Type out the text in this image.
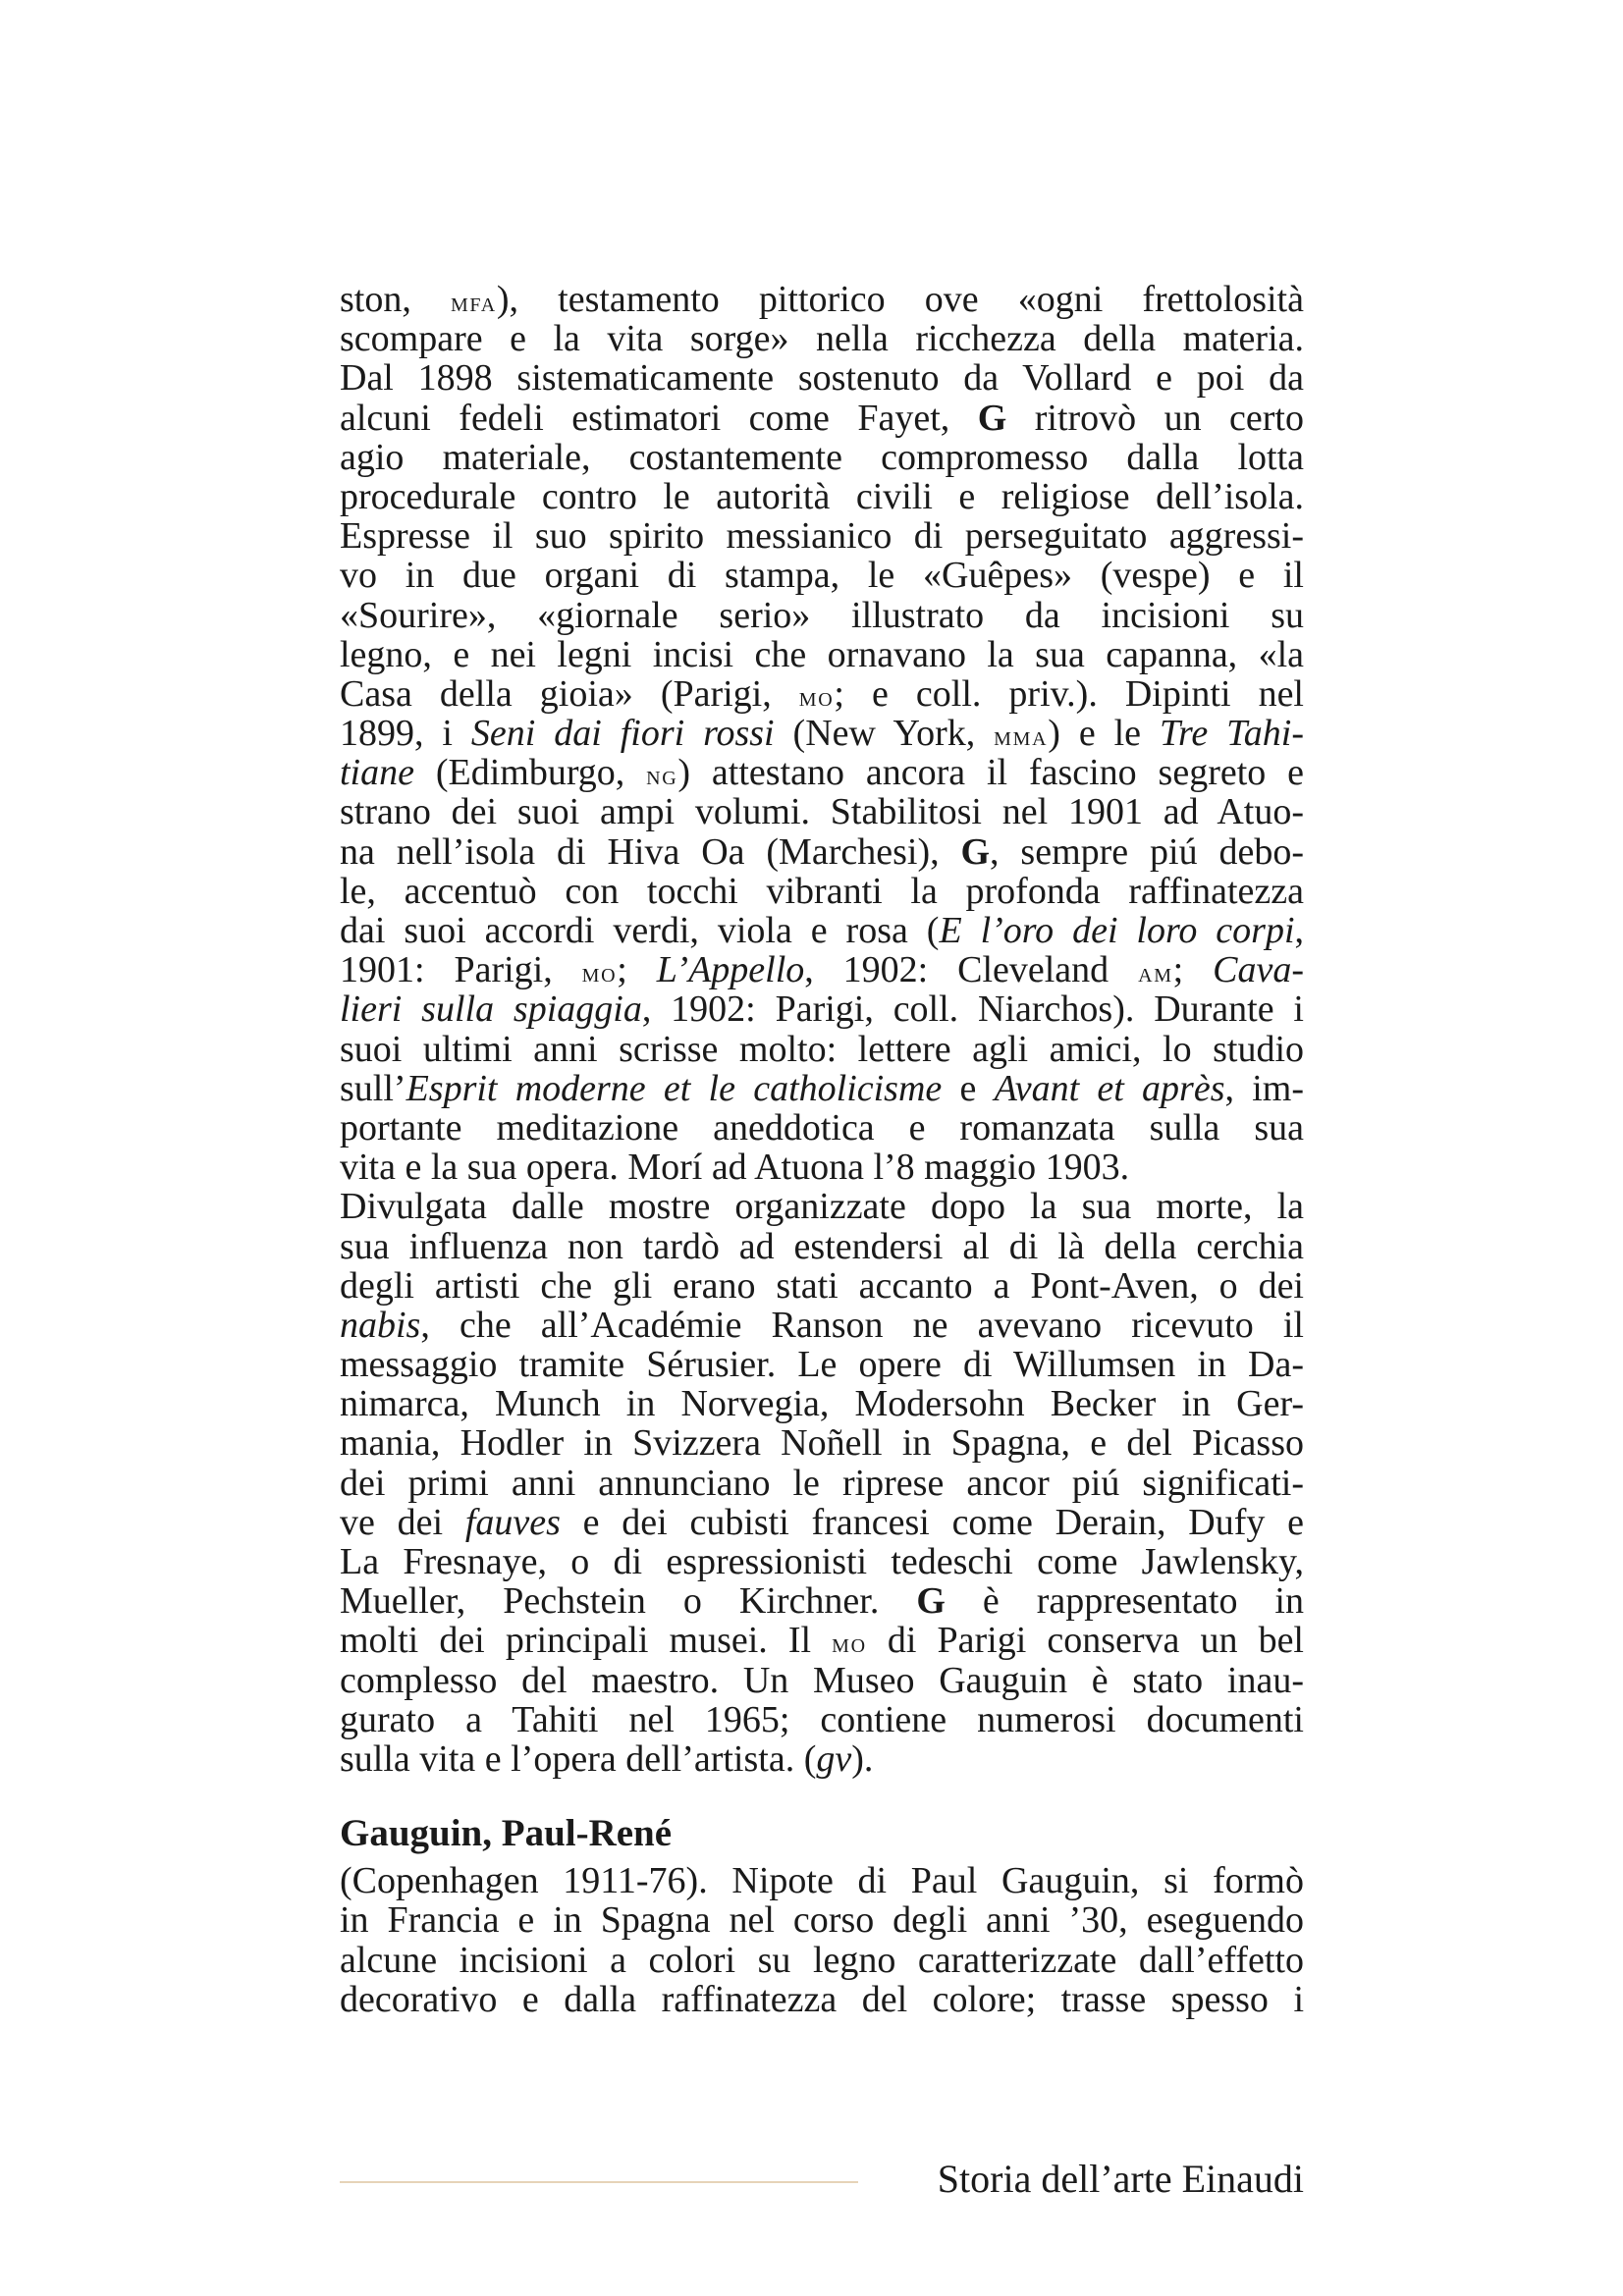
ston, mfa), testamento pittorico ove «ogni frettolosità

scompare e la vita sorge» nella ricchezza della materia.

Dal 1898 sistematicamente sostenuto da Vollard e poi da

alcuni fedeli estimatori come Fayet, G ritrovò un certo

agio materiale, costantemente compromesso dalla lotta

procedurale contro le autorità civili e religiose dell’isola.

Espresse il suo spirito messianico di perseguitato aggressi-

vo in due organi di stampa, le «Guêpes» (vespe) e il

«Sourire», «giornale serio» illustrato da incisioni su

legno, e nei legni incisi che ornavano la sua capanna, «la

Casa della gioia» (Parigi, mo; e coll. priv.). Dipinti nel

1899, i Seni dai fiori rossi (New York, mma) e le Tre Tahi-

tiane (Edimburgo, ng) attestano ancora il fascino segreto e

strano dei suoi ampi volumi. Stabilitosi nel 1901 ad Atuo-

na nell’isola di Hiva Oa (Marchesi), G, sempre piú debo-

le, accentuò con tocchi vibranti la profonda raffinatezza

dai suoi accordi verdi, viola e rosa (E l’oro dei loro corpi,

1901: Parigi, mo; L’Appello, 1902: Cleveland am; Cava-

lieri sulla spiaggia, 1902: Parigi, coll. Niarchos). Durante i

suoi ultimi anni scrisse molto: lettere agli amici, lo studio

sull’Esprit moderne et le catholicisme e Avant et après, im-

portante meditazione aneddotica e romanzata sulla sua

vita e la sua opera. Morí ad Atuona l’8 maggio 1903.

Divulgata dalle mostre organizzate dopo la sua morte, la

sua influenza non tardò ad estendersi al di là della cerchia

degli artisti che gli erano stati accanto a Pont-Aven, o dei

nabis, che all’Académie Ranson ne avevano ricevuto il

messaggio tramite Sérusier. Le opere di Willumsen in Da-

nimarca, Munch in Norvegia, Modersohn Becker in Ger-

mania, Hodler in Svizzera Noñell in Spagna, e del Picasso

dei primi anni annunciano le riprese ancor piú significati-

ve dei fauves e dei cubisti francesi come Derain, Dufy e

La Fresnaye, o di espressionisti tedeschi come Jawlensky,

Mueller, Pechstein o Kirchner. G è rappresentato in

molti dei principali musei. Il mo di Parigi conserva un bel

complesso del maestro. Un Museo Gauguin è stato inau-

gurato a Tahiti nel 1965; contiene numerosi documenti

sulla vita e l’opera dell’artista. (gv).

Gauguin, Paul-René

(Copenhagen 1911-76). Nipote di Paul Gauguin, si formò

in Francia e in Spagna nel corso degli anni ’30, eseguendo

alcune incisioni a colori su legno caratterizzate dall’effetto

decorativo e dalla raffinatezza del colore; trasse spesso i

Storia dell’arte Einaudi
